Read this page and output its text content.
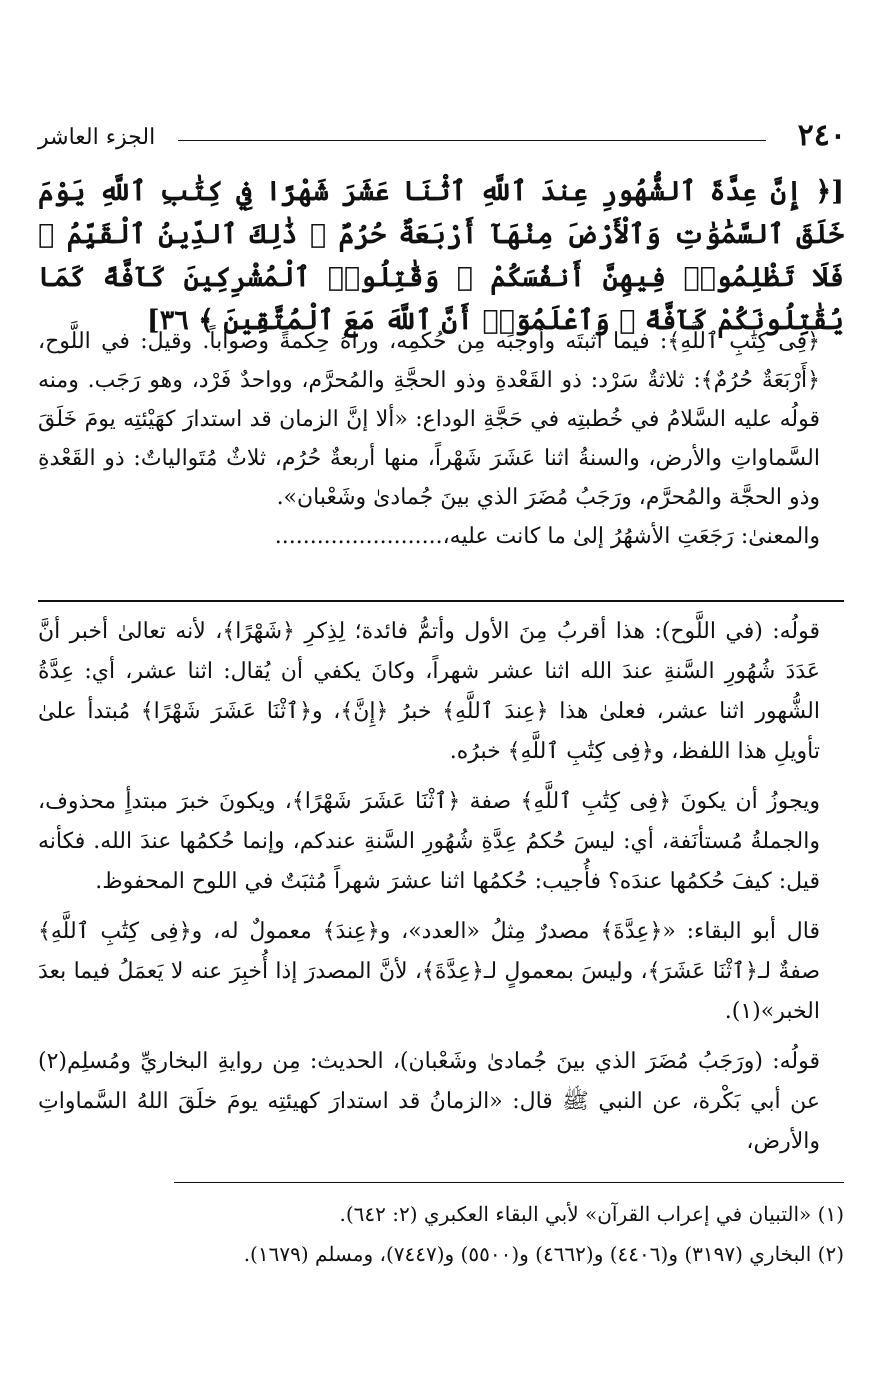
٢٤٠
الجزء العاشر
[﴿ إِنَّ عِدَّةَ ٱلشُّهُورِ عِندَ ٱللَّهِ ٱثْنَا عَشَرَ شَهْرًا فِي كِتَٰبِ ٱللَّهِ يَوْمَ خَلَقَ ٱلسَّمَٰوَٰتِ وَٱلْأَرْضَ مِنْهَآ أَرْبَعَةٌ حُرُمٌ ۚ ذَٰلِكَ ٱلدِّينُ ٱلْقَيِّمُ ۚ فَلَا تَظْلِمُوا۟ فِيهِنَّ أَنفُسَكُمْ ۚ وَقَٰتِلُوا۟ ٱلْمُشْرِكِينَ كَآفَّةً كَمَا يُقَٰتِلُونَكُمْ كَآفَّةً ۚ وَٱعْلَمُوٓا۟ أَنَّ ٱللَّهَ مَعَ ٱلْمُتَّقِينَ ﴾ ٣٦]

﴿فِى كِتَٰبِ ٱللَّهِ﴾: فيما أثبتَه وأوجبَه مِن حُكمِه، ورآهُ حِكمةً وصواباً. وقيل: في اللَّوح، ﴿أَرْبَعَةٌ حُرُمٌ﴾: ثلاثةٌ سَرْد: ذو القَعْدةِ وذو الحجَّةِ والمُحرَّم، وواحدٌ فَرْد، وهو رَجَب. ومنه قولُه عليه السَّلامُ في خُطبتِه في حَجَّةِ الوداع: «ألا إنَّ الزمان قد استدارَ كهَيْئتِه يومَ خَلَقَ السَّماواتِ والأرض، والسنةُ اثنا عَشَرَ شَهْراً، منها أربعةٌ حُرُم، ثلاثٌ مُتَوالياتٌ: ذو القَعْدةِ وذو الحجَّة والمُحرَّم، ورَجَبُ مُضَرَ الذي بينَ جُمادىٰ وشَعْبان».

والمعنىٰ: رَجَعَتِ الأشهُرُ إلىٰ ما كانت عليه،........................

قولُه: (في اللَّوح): هذا أقربُ مِنَ الأول وأتمُّ فائدة؛ لِذِكرِ ﴿شَهْرًا﴾، لأنه تعالىٰ أخبر أنَّ عَدَدَ شُهُورِ السَّنةِ عندَ الله اثنا عشر شهراً، وكانَ يكفي أن يُقال: اثنا عشر، أي: عِدَّةُ الشُّهور اثنا عشر، فعلىٰ هذا ﴿عِندَ ٱللَّهِ﴾ خبرُ ﴿إِنَّ﴾، و﴿ٱثْنَا عَشَرَ شَهْرًا﴾ مُبتدأ علىٰ تأويلِ هذا اللفظ، و﴿فِى كِتَٰبِ ٱللَّهِ﴾ خبرُه.

ويجوزُ أن يكونَ ﴿فِى كِتَٰبِ ٱللَّهِ﴾ صفة ﴿ٱثْنَا عَشَرَ شَهْرًا﴾، ويكونَ خبرَ مبتدأٍ محذوف، والجملةُ مُستأنَفة، أي: ليسَ حُكمُ عِدَّةِ شُهُورِ السَّنةِ عندكم، وإنما حُكمُها عندَ الله. فكأنه قيل: كيفَ حُكمُها عندَه؟ فأُجيب: حُكمُها اثنا عشرَ شهراً مُثبَتٌ في اللوح المحفوظ.

قال أبو البقاء: «﴿عِدَّةَ﴾ مصدرٌ مِثلُ «العدد»، و﴿عِندَ﴾ معمولٌ له، و﴿فِى كِتَٰبِ ٱللَّهِ﴾ صفةٌ لـ﴿ٱثْنَا عَشَرَ﴾، وليسَ بمعمولٍ لـ﴿عِدَّةَ﴾، لأنَّ المصدرَ إذا أُخبِرَ عنه لا يَعمَلُ فيما بعدَ الخبر»(١).

قولُه: (ورَجَبُ مُضَرَ الذي بينَ جُمادىٰ وشَعْبان)، الحديث: مِن روايةِ البخاريِّ ومُسلِم(٢) عن أبي بَكْرة، عن النبي ﷺ قال: «الزمانُ قد استدارَ كهيئتِه يومَ خلَقَ اللهُ السَّماواتِ والأرض،

(١) «التبيان في إعراب القرآن» لأبي البقاء العكبري (٢: ٦٤٢).

(٢) البخاري (٣١٩٧) و(٤٤٠٦) و(٤٦٦٢) و(٥٥٠٠) و(٧٤٤٧)، ومسلم (١٦٧٩).
